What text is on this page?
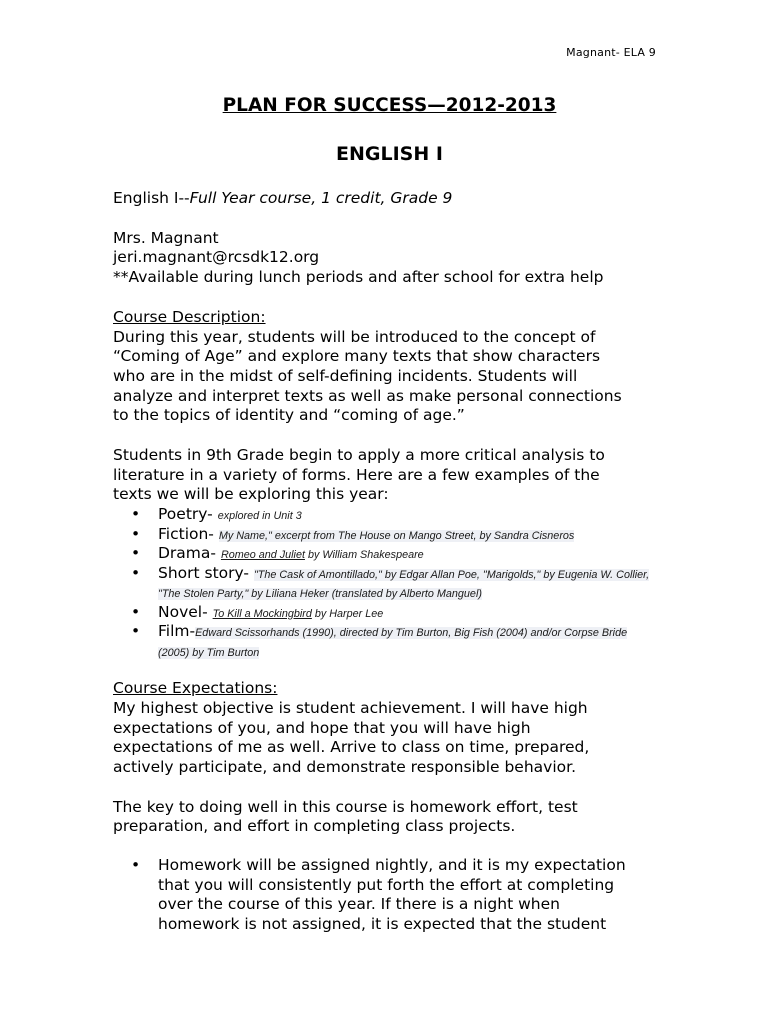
Magnant- ELA 9
PLAN FOR SUCCESS—2012-2013
ENGLISH I

English I--Full Year course, 1 credit, Grade 9

Mrs. Magnant

jeri.magnant@rcsdk12.org

**Available during lunch periods and after school for extra help

Course Description:

During this year, students will be introduced to the concept of

“Coming of Age” and explore many texts that show characters

who are in the midst of self-defining incidents. Students will

analyze and interpret texts as well as make personal connections

to the topics of identity and “coming of age.”

Students in 9th Grade begin to apply a more critical analysis to

literature in a variety of forms. Here are a few examples of the

texts we will be exploring this year:

• Poetry- explored in Unit 3
• Fiction- My Name," excerpt from The House on Mango Street, by Sandra Cisneros
• Drama- Romeo and Juliet by William Shakespeare
• Short story- "The Cask of Amontillado," by Edgar Allan Poe, "Marigolds," by Eugenia W. Collier, "The Stolen Party," by Liliana Heker (translated by Alberto Manguel)
• Novel- To Kill a Mockingbird by Harper Lee
• Film-Edward Scissorhands (1990), directed by Tim Burton, Big Fish (2004) and/or Corpse Bride (2005) by Tim Burton

Course Expectations:

My highest objective is student achievement. I will have high

expectations of you, and hope that you will have high

expectations of me as well. Arrive to class on time, prepared,

actively participate, and demonstrate responsible behavior.

The key to doing well in this course is homework effort, test

preparation, and effort in completing class projects.

• Homework will be assigned nightly, and it is my expectation
that you will consistently put forth the effort at completing
over the course of this year. If there is a night when
homework is not assigned, it is expected that the student
